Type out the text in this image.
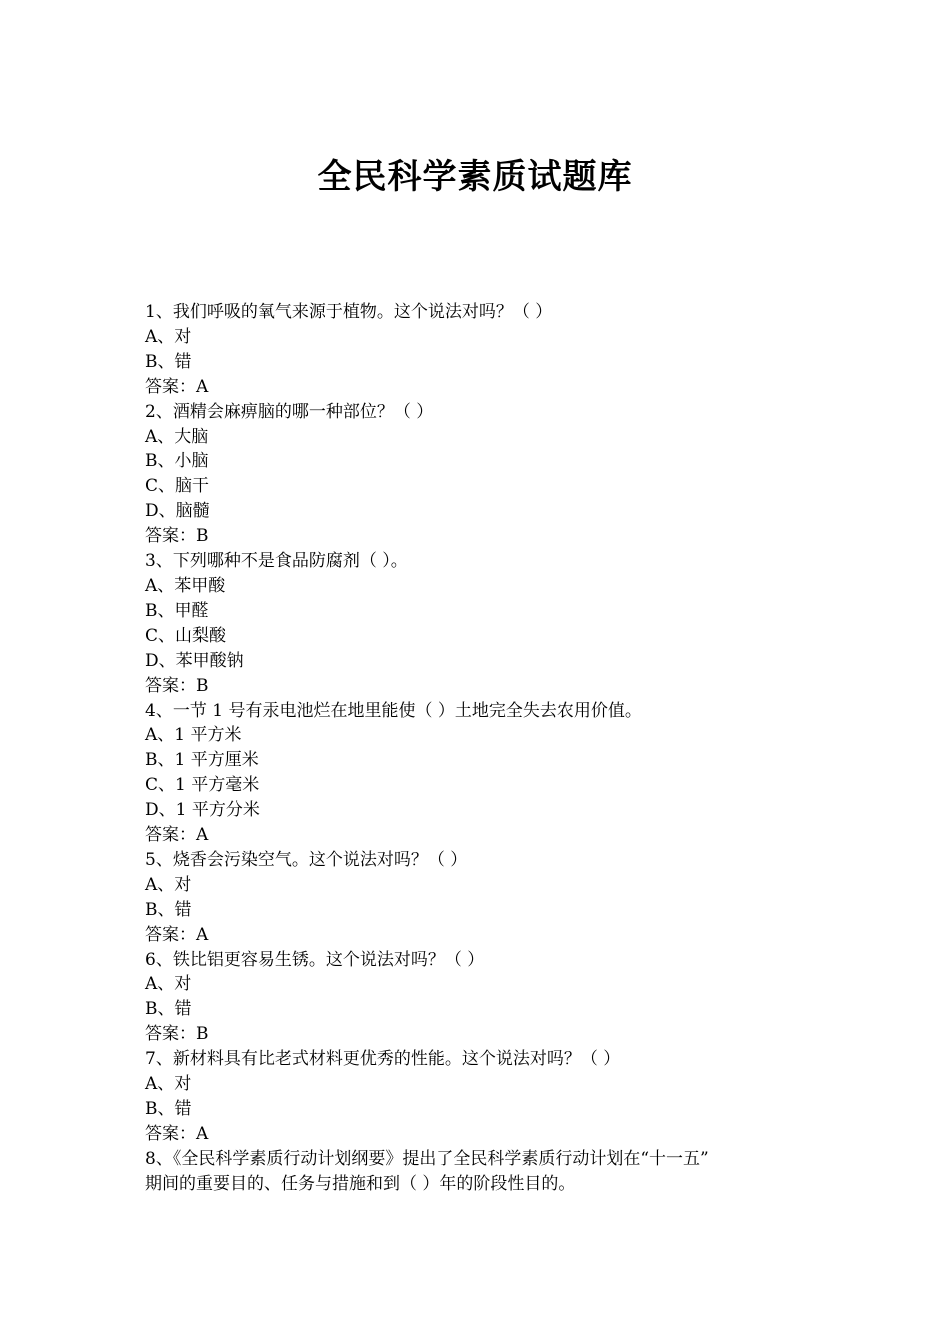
全民科学素质试题库

1、我们呼吸的氧气来源于植物。这个说法对吗？（ ）

A、对

B、错

答案：A

2、酒精会麻痹脑的哪一种部位？（ ）

A、大脑

B、小脑

C、脑干

D、脑髓

答案：B

3、下列哪种不是食品防腐剂（ ）。

A、苯甲酸

B、甲醛

C、山梨酸

D、苯甲酸钠

答案：B

4、一节 1 号有汞电池烂在地里能使（ ）土地完全失去农用价值。

A、1 平方米

B、1 平方厘米

C、1 平方毫米

D、1 平方分米

答案：A

5、烧香会污染空气。这个说法对吗？（ ）

A、对

B、错

答案：A

6、铁比铝更容易生锈。这个说法对吗？（ ）

A、对

B、错

答案：B

7、新材料具有比老式材料更优秀的性能。这个说法对吗？（ ）

A、对

B、错

答案：A

8、《全民科学素质行动计划纲要》提出了全民科学素质行动计划在“十一五”

期间的重要目的、任务与措施和到（ ）年的阶段性目的。
